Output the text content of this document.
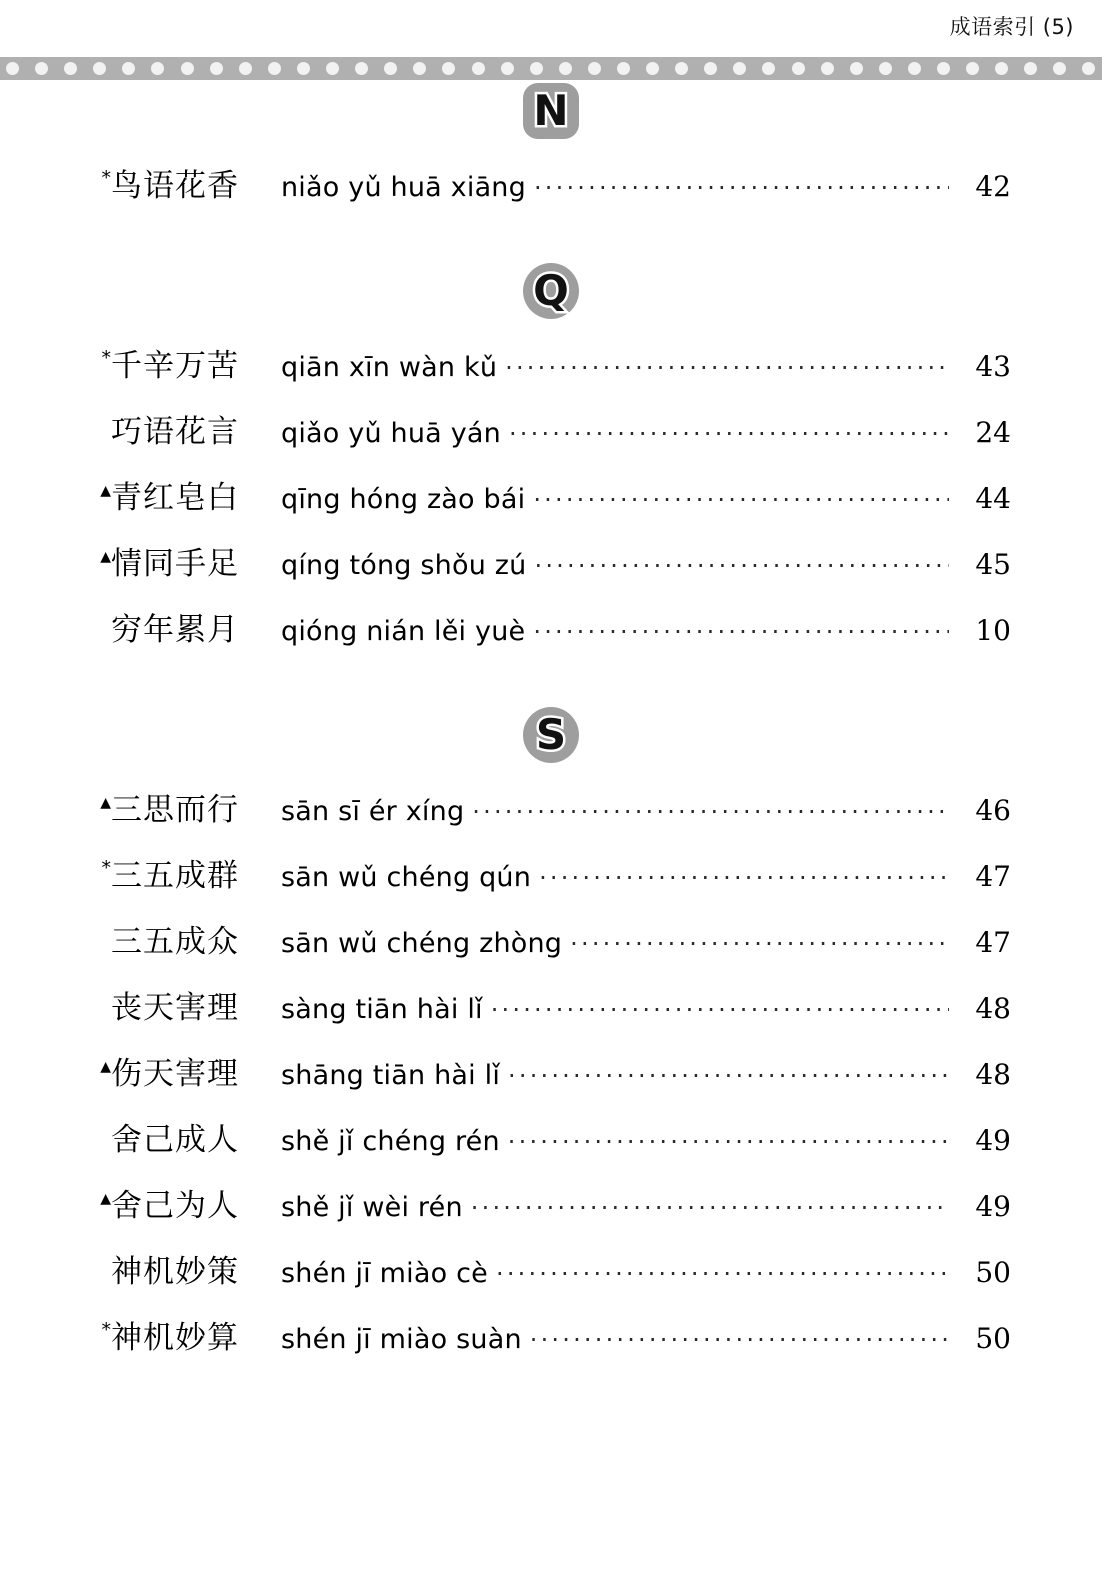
成语索引 (5)
N
* 鸟语花香	niǎo yǔ huā xiāng .....	42
Q
* 千辛万苦	qiān xīn wàn kǔ .....	43
巧语花言	qiǎo yǔ huā yán .....	24
▲ 青红皂白	qīng hóng zào bái .....	44
▲ 情同手足	qíng tóng shǒu zú .....	45
穷年累月	qióng nián lěi yuè .....	10
S
▲ 三思而行	sān sī ér xíng .....	46
* 三五成群	sān wǔ chéng qún .....	47
三五成众	sān wǔ chéng zhòng .....	47
丧天害理	sàng tiān hài lǐ .....	48
▲ 伤天害理	shāng tiān hài lǐ .....	48
舍己成人	shě jǐ chéng rén .....	49
▲ 舍己为人	shě jǐ wèi rén .....	49
神机妙策	shén jī miào cè .....	50
* 神机妙算	shén jī miào suàn .....	50
